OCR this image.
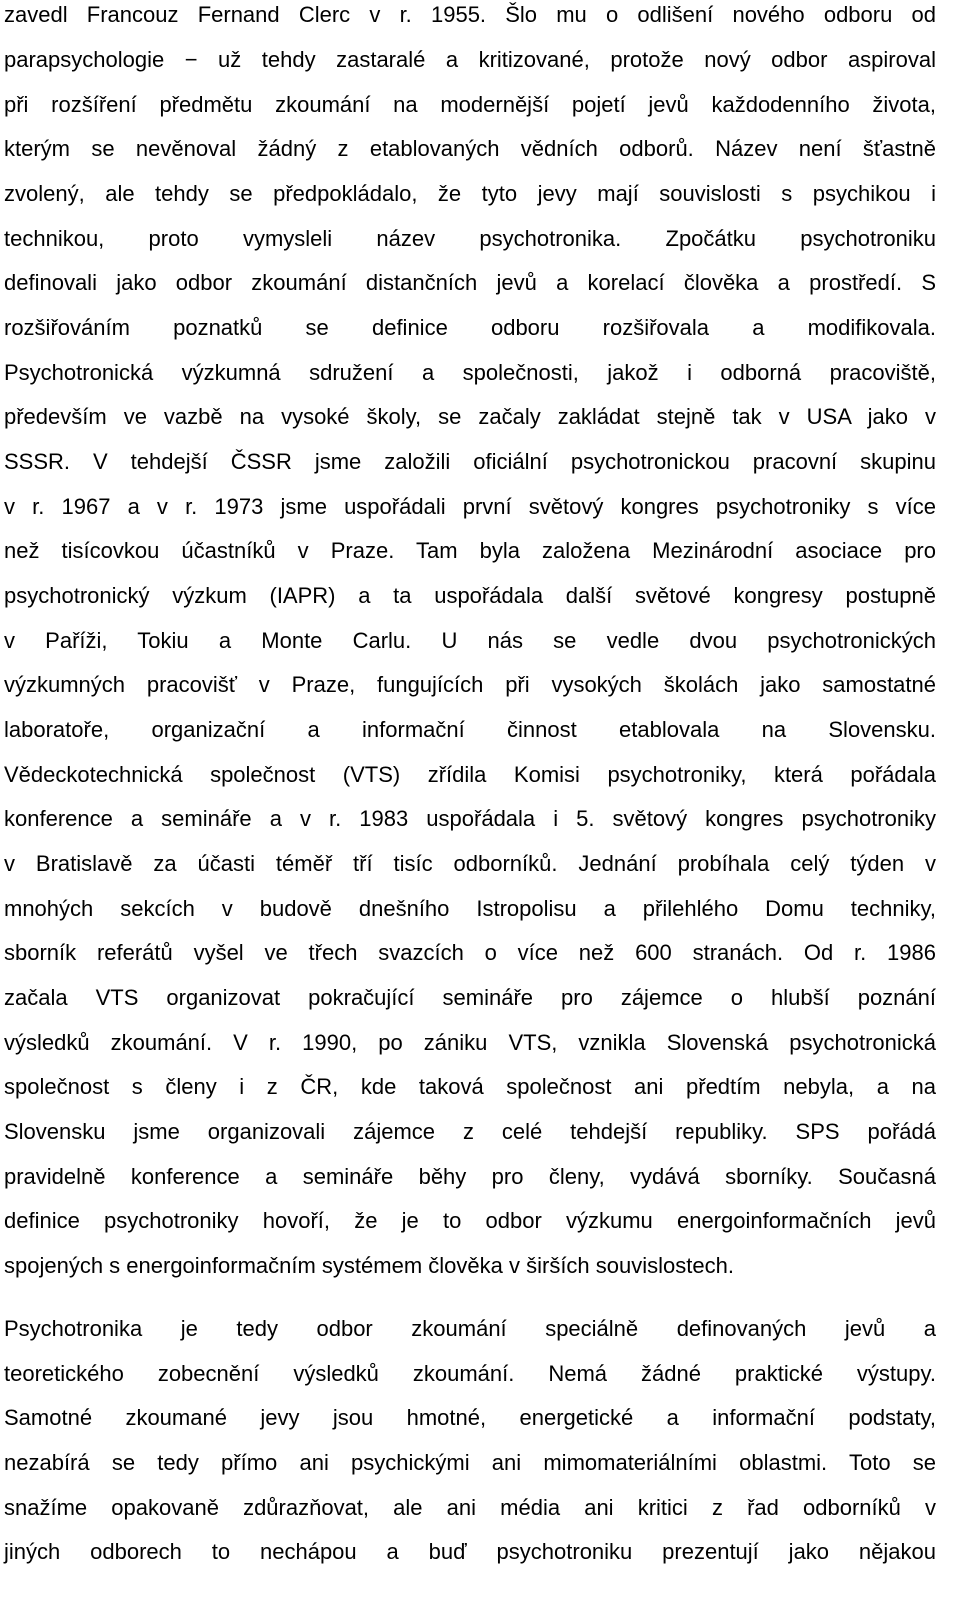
zavedl Francouz Fernand Clerc v r. 1955. Šlo mu o odlišení nového odboru od
parapsychologie − už tehdy zastaralé a kritizované, protože nový odbor aspiroval
při rozšíření předmětu zkoumání na modernější pojetí jevů každodenního života,
kterým se nevěnoval žádný z etablovaných vědních odborů. Název není šťastně
zvolený, ale tehdy se předpokládalo, že tyto jevy mají souvislosti s psychikou i
technikou, proto vymysleli název psychotronika. Zpočátku psychotroniku
definovali jako odbor zkoumání distančních jevů a korelací člověka a prostředí. S
rozšiřováním poznatků se definice odboru rozšiřovala a modifikovala.
Psychotronická výzkumná sdružení a společnosti, jakož i odborná pracoviště,
především ve vazbě na vysoké školy, se začaly zakládat stejně tak v USA jako v
SSSR. V tehdejší ČSSR jsme založili oficiální psychotronickou pracovní skupinu
v r. 1967 a v r. 1973 jsme uspořádali první světový kongres psychotroniky s více
než tisícovkou účastníků v Praze. Tam byla založena Mezinárodní asociace pro
psychotronický výzkum (IAPR) a ta uspořádala další světové kongresy postupně
v Paříži, Tokiu a Monte Carlu. U nás se vedle dvou psychotronických
výzkumných pracovišť v Praze, fungujících při vysokých školách jako samostatné
laboratoře, organizační a informační činnost etablovala na Slovensku.
Vědeckotechnická společnost (VTS) zřídila Komisi psychotroniky, která pořádala
konference a semináře a v r. 1983 uspořádala i 5. světový kongres psychotroniky
v Bratislavě za účasti téměř tří tisíc odborníků. Jednání probíhala celý týden v
mnohých sekcích v budově dnešního Istropolisu a přilehlého Domu techniky,
sborník referátů vyšel ve třech svazcích o více než 600 stranách. Od r. 1986
začala VTS organizovat pokračující semináře pro zájemce o hlubší poznání
výsledků zkoumání. V r. 1990, po zániku VTS, vznikla Slovenská psychotronická
společnost s členy i z ČR, kde taková společnost ani předtím nebyla, a na
Slovensku jsme organizovali zájemce z celé tehdejší republiky. SPS pořádá
pravidelně konference a semináře běhy pro členy, vydává sborníky. Současná
definice psychotroniky hovoří, že je to odbor výzkumu energoinformačních jevů
spojených s energoinformačním systémem člověka v širších souvislostech.
Psychotronika je tedy odbor zkoumání speciálně definovaných jevů a
teoretického zobecnění výsledků zkoumání. Nemá žádné praktické výstupy.
Samotné zkoumané jevy jsou hmotné, energetické a informační podstaty,
nezabírá se tedy přímo ani psychickými ani mimomateriálními oblastmi. Toto se
snažíme opakovaně zdůrazňovat, ale ani média ani kritici z řad odborníků v
jiných odborech to nechápou a buď psychotroniku prezentují jako nějakou
